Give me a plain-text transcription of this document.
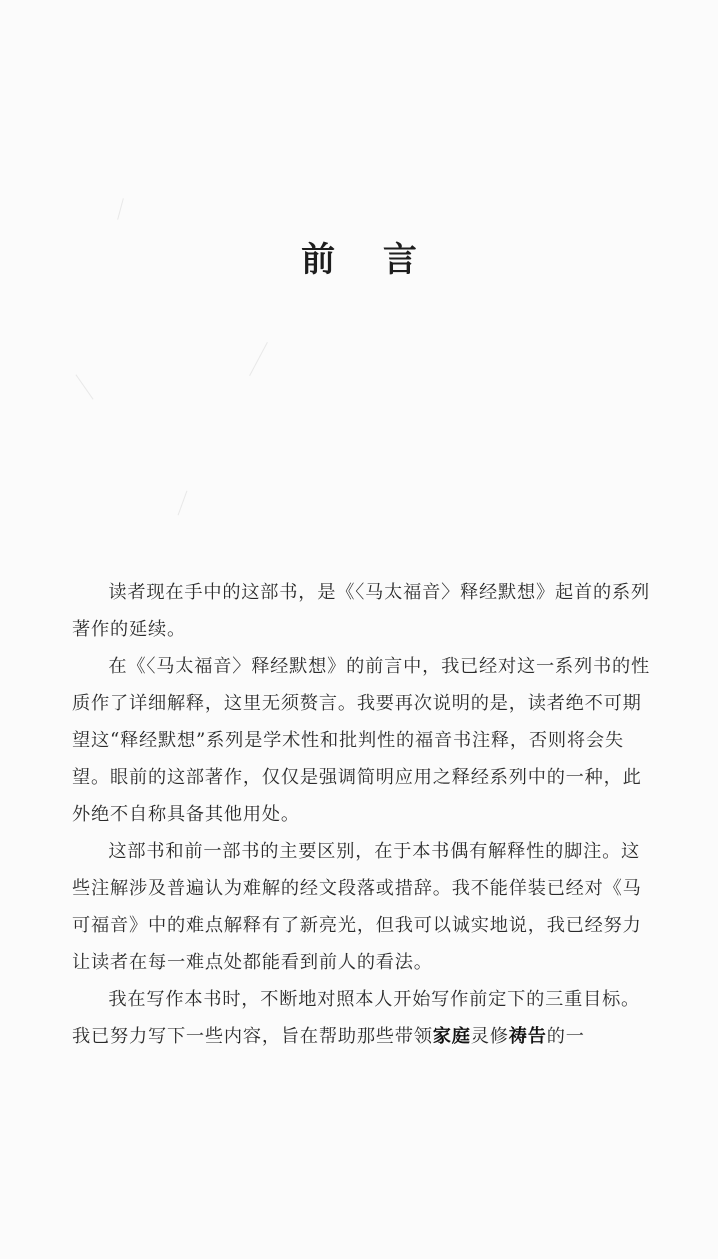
前 言

读者现在手中的这部书，是《〈马太福音〉释经默想》起首的系列著作的延续。

在《〈马太福音〉释经默想》的前言中，我已经对这一系列书的性质作了详细解释，这里无须赘言。我要再次说明的是，读者绝不可期望这“释经默想”系列是学术性和批判性的福音书注释，否则将会失望。眼前的这部著作，仅仅是强调简明应用之释经系列中的一种，此外绝不自称具备其他用处。

这部书和前一部书的主要区别，在于本书偶有解释性的脚注。这些注解涉及普遍认为难解的经文段落或措辞。我不能佯装已经对《马可福音》中的难点解释有了新亮光，但我可以诚实地说，我已经努力让读者在每一难点处都能看到前人的看法。

我在写作本书时，不断地对照本人开始写作前定下的三重目标。我已努力写下一些内容，旨在帮助那些带领家庭灵修祷告的一
